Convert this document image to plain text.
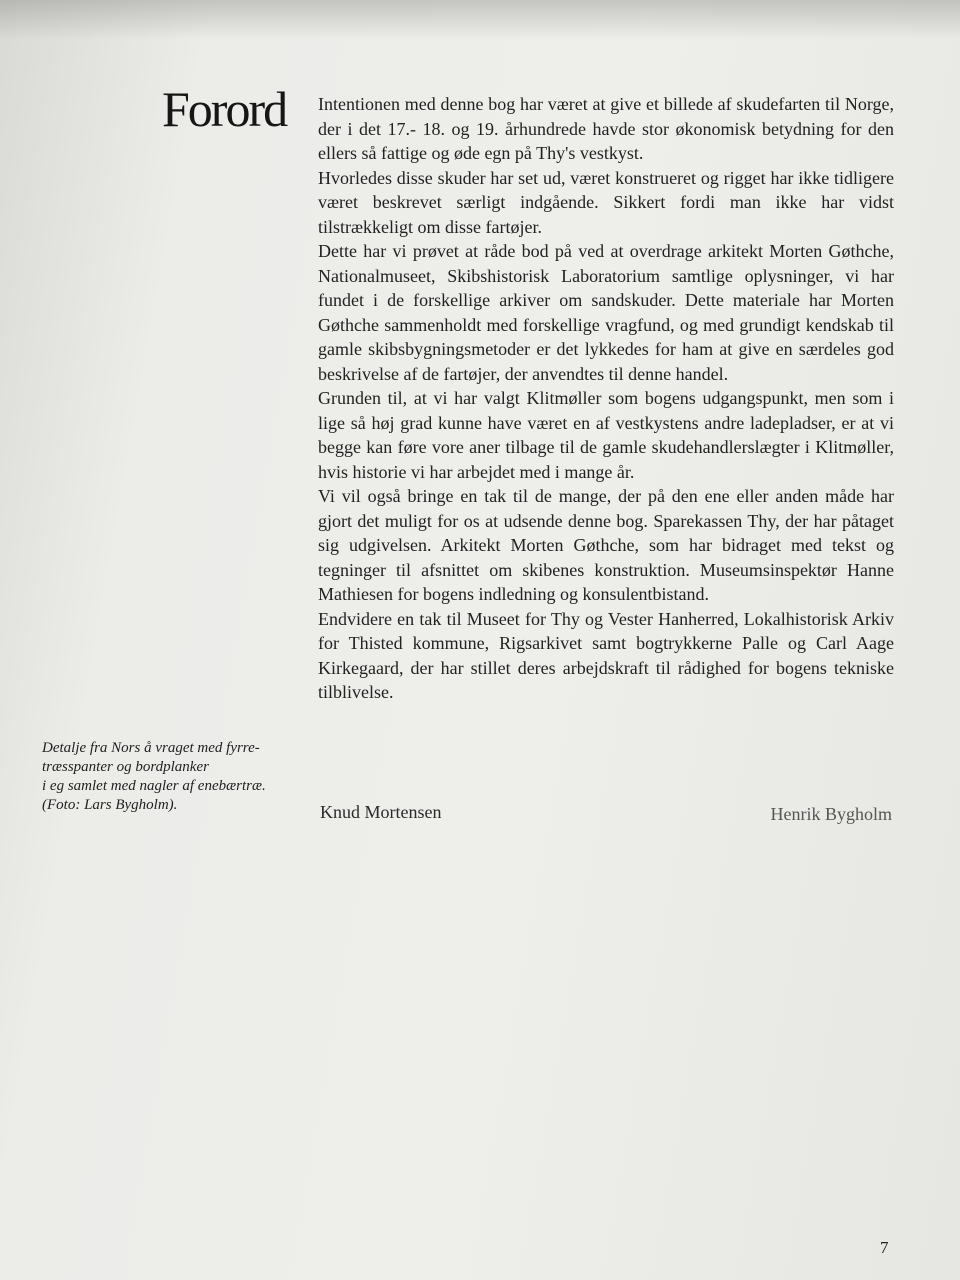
Forord Intentionen med denne bog har været at give et billede af skudefarten til Norge, der i det 17.- 18. og 19. århundrede havde stor økonomisk betydning for den ellers så fattige og øde egn på Thy's vestkyst.

Hvorledes disse skuder har set ud, været konstrueret og rigget har ikke tidligere været beskrevet særligt indgående. Sikkert fordi man ikke har vidst tilstrækkeligt om disse fartøjer.

Dette har vi prøvet at råde bod på ved at overdrage arkitekt Morten Gøthche, Nationalmuseet, Skibshistorisk Laboratorium samtlige oplysninger, vi har fundet i de forskellige arkiver om sandskuder. Dette materiale har Morten Gøthche sammenholdt med forskellige vragfund, og med grundigt kendskab til gamle skibsbygningsmetoder er det lykkedes for ham at give en særdeles god beskrivelse af de fartøjer, der anvendtes til denne handel.

Grunden til, at vi har valgt Klitmøller som bogens udgangspunkt, men som i lige så høj grad kunne have været en af vestkystens andre ladepladser, er at vi begge kan føre vore aner tilbage til de gamle skudehandlerslægter i Klitmøller, hvis historie vi har arbejdet med i mange år.

Vi vil også bringe en tak til de mange, der på den ene eller anden måde har gjort det muligt for os at udsende denne bog. Sparekassen Thy, der har påtaget sig udgivelsen. Arkitekt Morten Gøthche, som har bidraget med tekst og tegninger til afsnittet om skibenes konstruktion. Museumsinspektør Hanne Mathiesen for bogens indledning og konsulentbistand.

Endvidere en tak til Museet for Thy og Vester Hanherred, Lokalhistorisk Arkiv for Thisted kommune, Rigsarkivet samt bogtrykkerne Palle og Carl Aage Kirkegaard, der har stillet deres arbejdskraft til rådighed for bogens tekniske tilblivelse.

Knud Mortensen	Henrik Bygholm
Detalje fra Nors å vraget med fyrre-
træsspanter og bordplanker
i eg samlet med nagler af enebærtræ.
(Foto: Lars Bygholm).
7
